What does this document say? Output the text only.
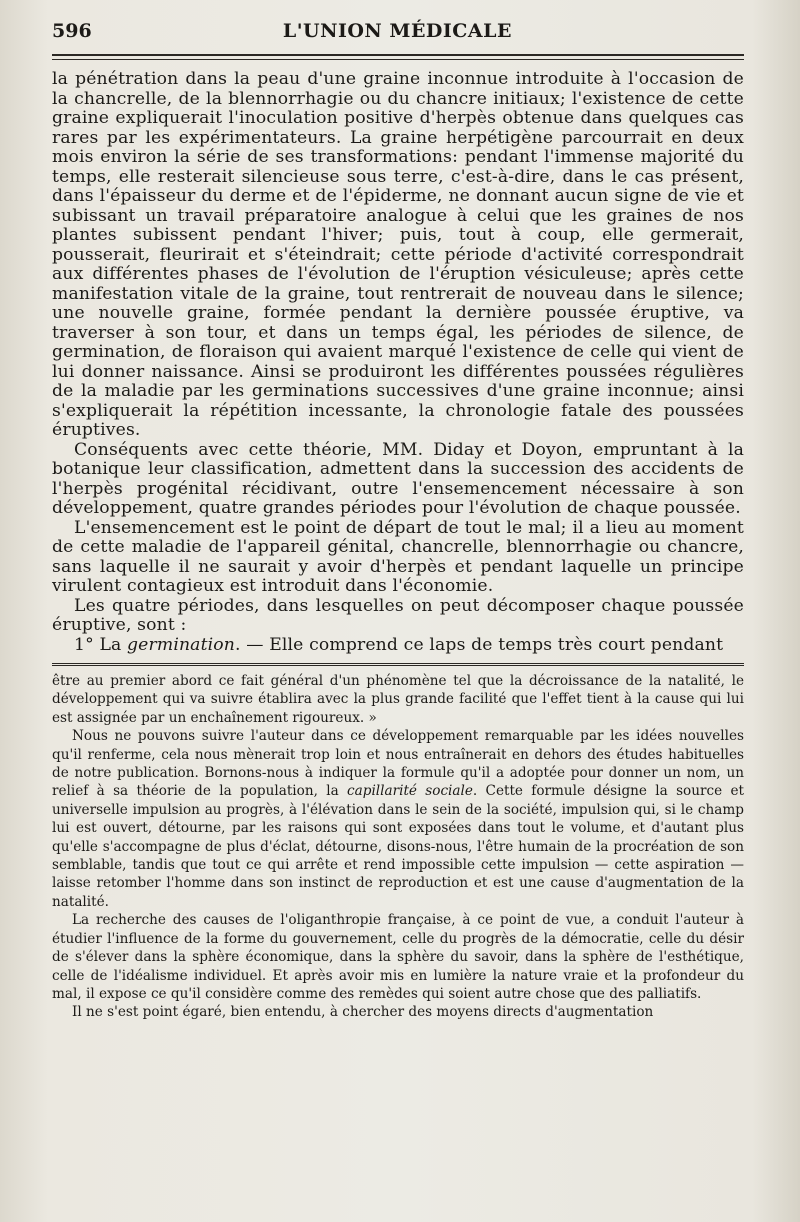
596	L'UNION MÉDICALE

la pénétration dans la peau d'une graine inconnue introduite à l'occasion de la chancrelle, de la blennorrhagie ou du chancre initiaux; l'existence de cette graine expliquerait l'inoculation positive d'herpès obtenue dans quelques cas rares par les expérimentateurs. La graine herpétigène parcourrait en deux mois environ la série de ses transformations: pendant l'immense majorité du temps, elle resterait silencieuse sous terre, c'est-à-dire, dans le cas présent, dans l'épaisseur du derme et de l'épiderme, ne donnant aucun signe de vie et subissant un travail préparatoire analogue à celui que les graines de nos plantes subissent pendant l'hiver; puis, tout à coup, elle germerait, pousserait, fleurirait et s'éteindrait; cette période d'activité correspondrait aux différentes phases de l'évolution de l'éruption vésiculeuse; après cette manifestation vitale de la graine, tout rentrerait de nouveau dans le silence; une nouvelle graine, formée pendant la dernière poussée éruptive, va traverser à son tour, et dans un temps égal, les périodes de silence, de germination, de floraison qui avaient marqué l'existence de celle qui vient de lui donner naissance. Ainsi se produiront les différentes poussées régulières de la maladie par les germinations successives d'une graine inconnue; ainsi s'expliquerait la répétition incessante, la chronologie fatale des poussées éruptives.

Conséquents avec cette théorie, MM. Diday et Doyon, empruntant à la botanique leur classification, admettent dans la succession des accidents de l'herpès progénital récidivant, outre l'ensemencement nécessaire à son développement, quatre grandes périodes pour l'évolution de chaque poussée.

L'ensemencement est le point de départ de tout le mal; il a lieu au moment de cette maladie de l'appareil génital, chancrelle, blennorrhagie ou chancre, sans laquelle il ne saurait y avoir d'herpès et pendant laquelle un principe virulent contagieux est introduit dans l'économie.

Les quatre périodes, dans lesquelles on peut décomposer chaque poussée éruptive, sont :

1° La germination. — Elle comprend ce laps de temps très court pendant

être au premier abord ce fait général d'un phénomène tel que la décroissance de la natalité, le développement qui va suivre établira avec la plus grande facilité que l'effet tient à la cause qui lui est assignée par un enchaînement rigoureux. »

Nous ne pouvons suivre l'auteur dans ce développement remarquable par les idées nouvelles qu'il renferme, cela nous mènerait trop loin et nous entraînerait en dehors des études habituelles de notre publication. Bornons-nous à indiquer la formule qu'il a adoptée pour donner un nom, un relief à sa théorie de la population, la capillarité sociale. Cette formule désigne la source et universelle impulsion au progrès, à l'élévation dans le sein de la société, impulsion qui, si le champ lui est ouvert, détourne, par les raisons qui sont exposées dans tout le volume, et d'autant plus qu'elle s'accompagne de plus d'éclat, détourne, disons-nous, l'être humain de la procréation de son semblable, tandis que tout ce qui arrête et rend impossible cette impulsion — cette aspiration — laisse retomber l'homme dans son instinct de reproduction et est une cause d'augmentation de la natalité.

La recherche des causes de l'oliganthropie française, à ce point de vue, a conduit l'auteur à étudier l'influence de la forme du gouvernement, celle du progrès de la démocratie, celle du désir de s'élever dans la sphère économique, dans la sphère du savoir, dans la sphère de l'esthétique, celle de l'idéalisme individuel. Et après avoir mis en lumière la nature vraie et la profondeur du mal, il expose ce qu'il considère comme des remèdes qui soient autre chose que des palliatifs.

Il ne s'est point égaré, bien entendu, à chercher des moyens directs d'augmentation
